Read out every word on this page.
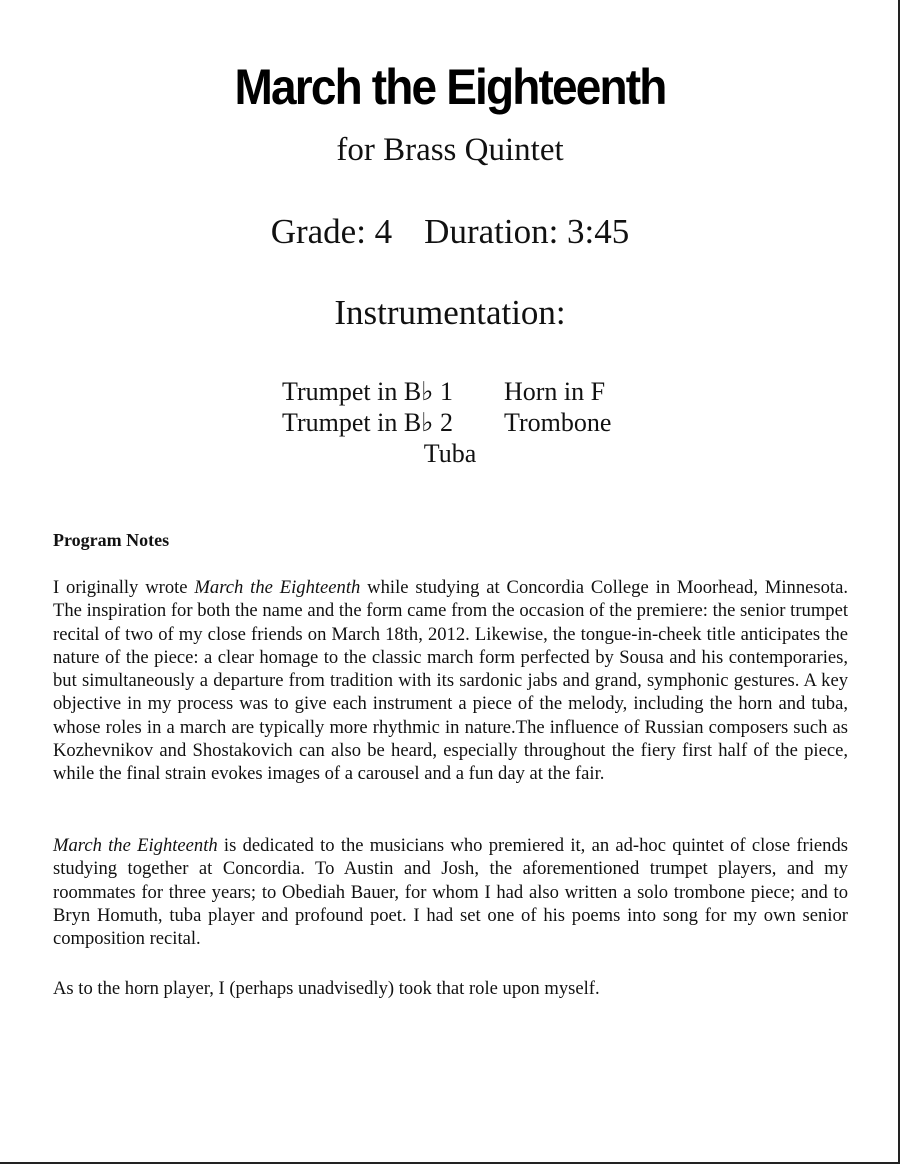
March the Eighteenth
for Brass Quintet
Grade: 4 Duration: 3:45
Instrumentation:
Trumpet in B♭ 1	Horn in F
Trumpet in B♭ 2	Trombone
Tuba
Program Notes
I originally wrote March the Eighteenth while studying at Concordia College in Moorhead, Minnesota. The inspiration for both the name and the form came from the occasion of the premiere: the senior trumpet recital of two of my close friends on March 18th, 2012. Likewise, the tongue-in-cheek title anticipates the nature of the piece: a clear homage to the classic march form perfected by Sousa and his contemporaries, but simultaneously a departure from tradition with its sardonic jabs and grand, symphonic gestures. A key objective in my process was to give each instrument a piece of the melody, including the horn and tuba, whose roles in a march are typically more rhythmic in nature.The influence of Russian composers such as Kozhevnikov and Shostakovich can also be heard, especially throughout the fiery first half of the piece, while the final strain evokes images of a carousel and a fun day at the fair.
March the Eighteenth is dedicated to the musicians who premiered it, an ad-hoc quintet of close friends studying together at Concordia. To Austin and Josh, the aforementioned trumpet players, and my roommates for three years; to Obediah Bauer, for whom I had also written a solo trombone piece; and to Bryn Homuth, tuba player and profound poet. I had set one of his poems into song for my own senior composition recital.
As to the horn player, I (perhaps unadvisedly) took that role upon myself.
